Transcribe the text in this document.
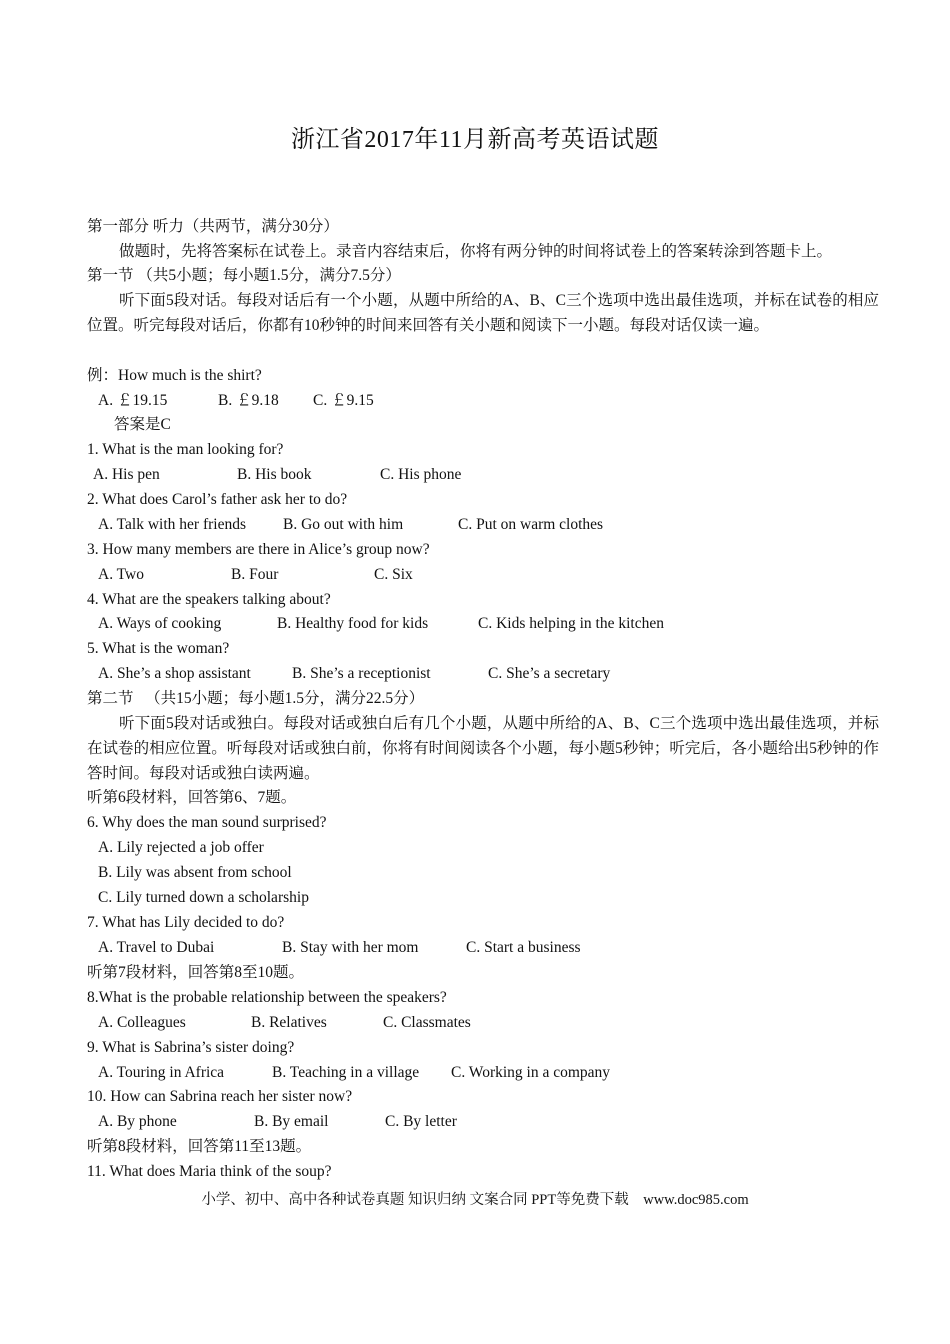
浙江省2017年11月新高考英语试题
第一部分 听力（共两节，满分30分）
做题时，先将答案标在试卷上。录音内容结束后，你将有两分钟的时间将试卷上的答案转涂到答题卡上。
第一节 （共5小题；每小题1.5分，满分7.5分）
听下面5段对话。每段对话后有一个小题，从题中所给的A、B、C三个选项中选出最佳选项，并标在试卷的相应位置。听完每段对话后，你都有10秒钟的时间来回答有关小题和阅读下一小题。每段对话仅读一遍。
例：How much is the shirt?
A. ￡19.15	B. ￡9.18 C. ￡9.15
答案是C
1. What is the man looking for?
A. His pen	B. His book	C. His phone
2. What does Carol’s father ask her to do?
A. Talk with her friends B. Go out with him	C. Put on warm clothes
3. How many members are there in Alice’s group now?
A. Two	B. Four	C. Six
4. What are the speakers talking about?
A. Ways of cooking	B. Healthy food for kids	C. Kids helping in the kitchen
5. What is the woman?
A. She’s a shop assistant	B. She’s a receptionist	C. She’s a secretary
第二节 　（共15小题；每小题1.5分，满分22.5分）
听下面5段对话或独白。每段对话或独白后有几个小题，从题中所给的A、B、C三个选项中选出最佳选项，并标在试卷的相应位置。听每段对话或独白前，你将有时间阅读各个小题，每小题5秒钟；听完后，各小题给出5秒钟的作答时间。每段对话或独白读两遍。
听第6段材料，回答第6、7题。
6. Why does the man sound surprised?
A. Lily rejected a job offer
B. Lily was absent from school
C. Lily turned down a scholarship
7. What has Lily decided to do?
A. Travel to Dubai	B. Stay with her mom	C. Start a business
听第7段材料，回答第8至10题。
8.What is the probable relationship between the speakers?
A. Colleagues	B. Relatives	C. Classmates
9. What is Sabrina’s sister doing?
A. Touring in Africa	B. Teaching in a village C. Working in a company
10. How can Sabrina reach her sister now?
A. By phone	B. By email	C. By letter
听第8段材料，回答第11至13题。
11. What does Maria think of the soup?
小学、初中、高中各种试卷真题 知识归纳 文案合同 PPT等免费下载　www.doc985.com
